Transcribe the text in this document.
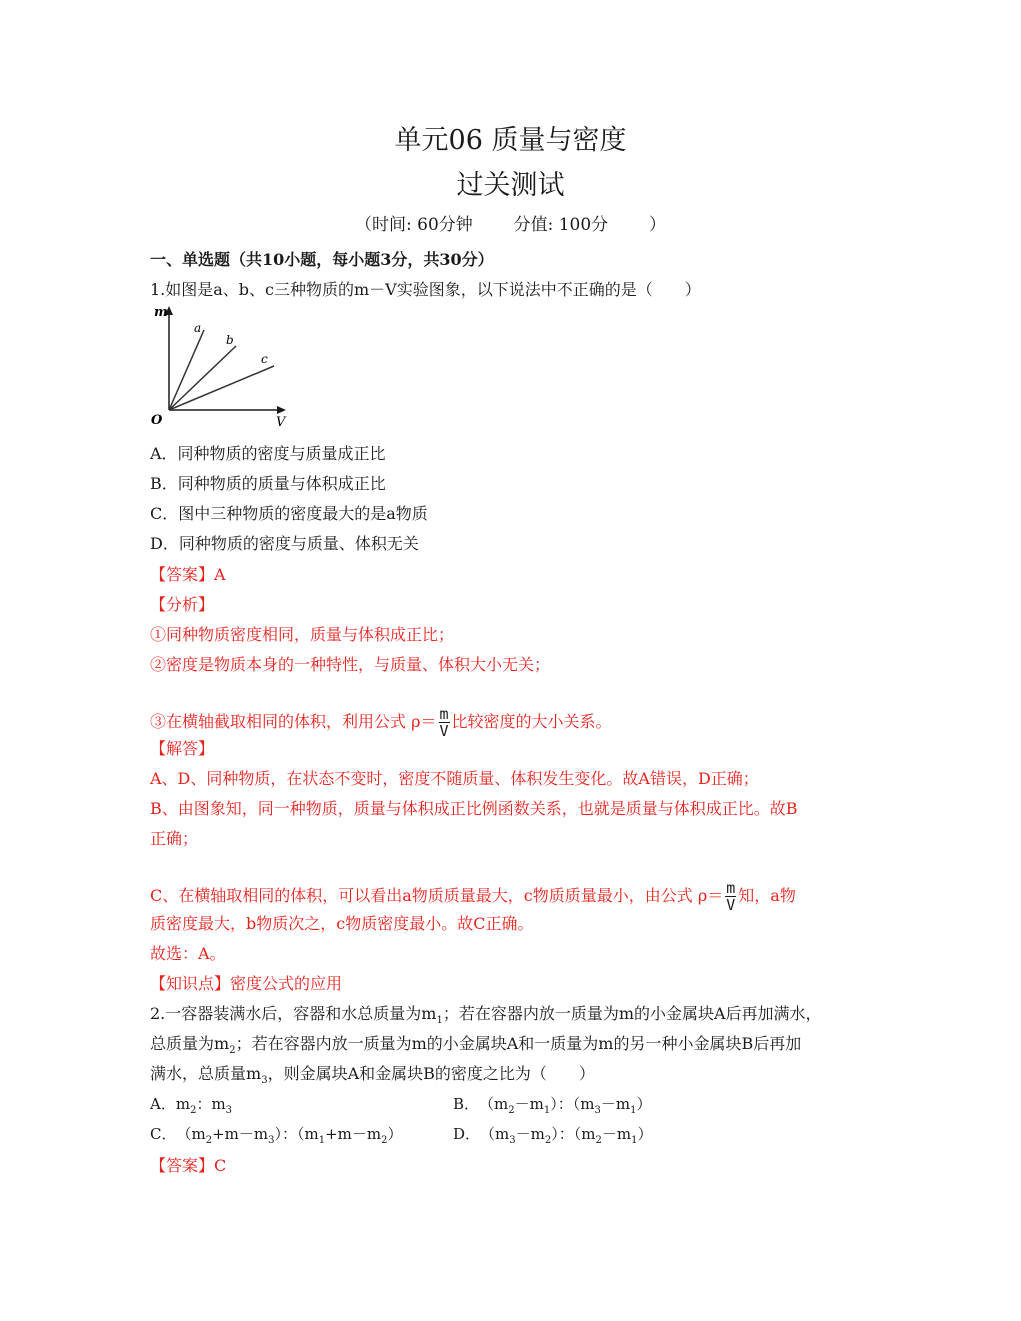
单元06 质量与密度
过关测试
（时间: 60分钟 分值: 100分 ）
一、单选题（共10小题，每小题3分，共30分）
1.如图是a、b、c三种物质的m－V实验图象，以下说法中不正确的是（　　）
m
V
O
a
b
c
A．同种物质的密度与质量成正比
B．同种物质的质量与体积成正比
C．图中三种物质的密度最大的是a物质
D．同种物质的密度与质量、体积无关
【答案】A
【分析】
①同种物质密度相同，质量与体积成正比；
②密度是物质本身的一种特性，与质量、体积大小无关；
③在横轴截取相同的体积，利用公式 $\rho= \frac{m}{V}$ 比较密度的大小关系。
【解答】
A、D、同种物质，在状态不变时，密度不随质量、体积发生变化。故A错误，D正确；
B、由图象知，同一种物质，质量与体积成正比例函数关系，也就是质量与体积成正比。故B
正确；
C、在横轴取相同的体积，可以看出a物质质量最大，c物质质量最小，由公式 $\rho= \frac{m}{V}$ 知，a物
质密度最大，b物质次之，c物质密度最小。故C正确。
故选：A。
【知识点】密度公式的应用
2.一容器装满水后，容器和水总质量为$m_1$；若在容器内放一质量为m的小金属块A后再加满水，
总质量为$m_2$；若在容器内放一质量为m的小金属块A和一质量为m的另一种小金属块B后再加
满水，总质量$m_3$，则金属块A和金属块B的密度之比为（　　）
A．$m_2$：$m_3$	B．　$(m_2-m_1)$：$(m_3-m_1)$
C．　$(m_2+m-m_3)$：$(m_1+m-m_2)$	D．　$(m_3-m_2)$：$(m_2-m_1)$
【答案】C
